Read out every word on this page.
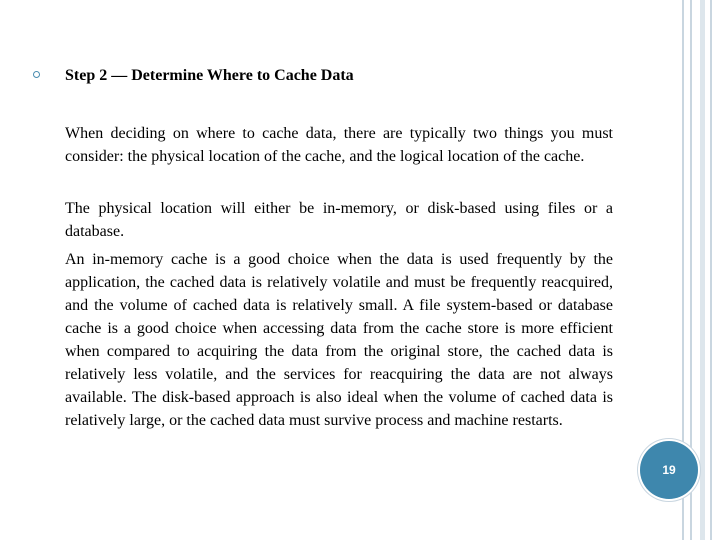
Step 2 — Determine Where to Cache Data

When deciding on where to cache data, there are typically two things you must consider: the physical location of the cache, and the logical location of the cache.

The physical location will either be in-memory, or disk-based using files or a database.

An in-memory cache is a good choice when the data is used frequently by the application, the cached data is relatively volatile and must be frequently reacquired, and the volume of cached data is relatively small. A file system-based or database cache is a good choice when accessing data from the cache store is more efficient when compared to acquiring the data from the original store, the cached data is relatively less volatile, and the services for reacquiring the data are not always available. The disk-based approach is also ideal when the volume of cached data is relatively large, or the cached data must survive process and machine restarts.

19
